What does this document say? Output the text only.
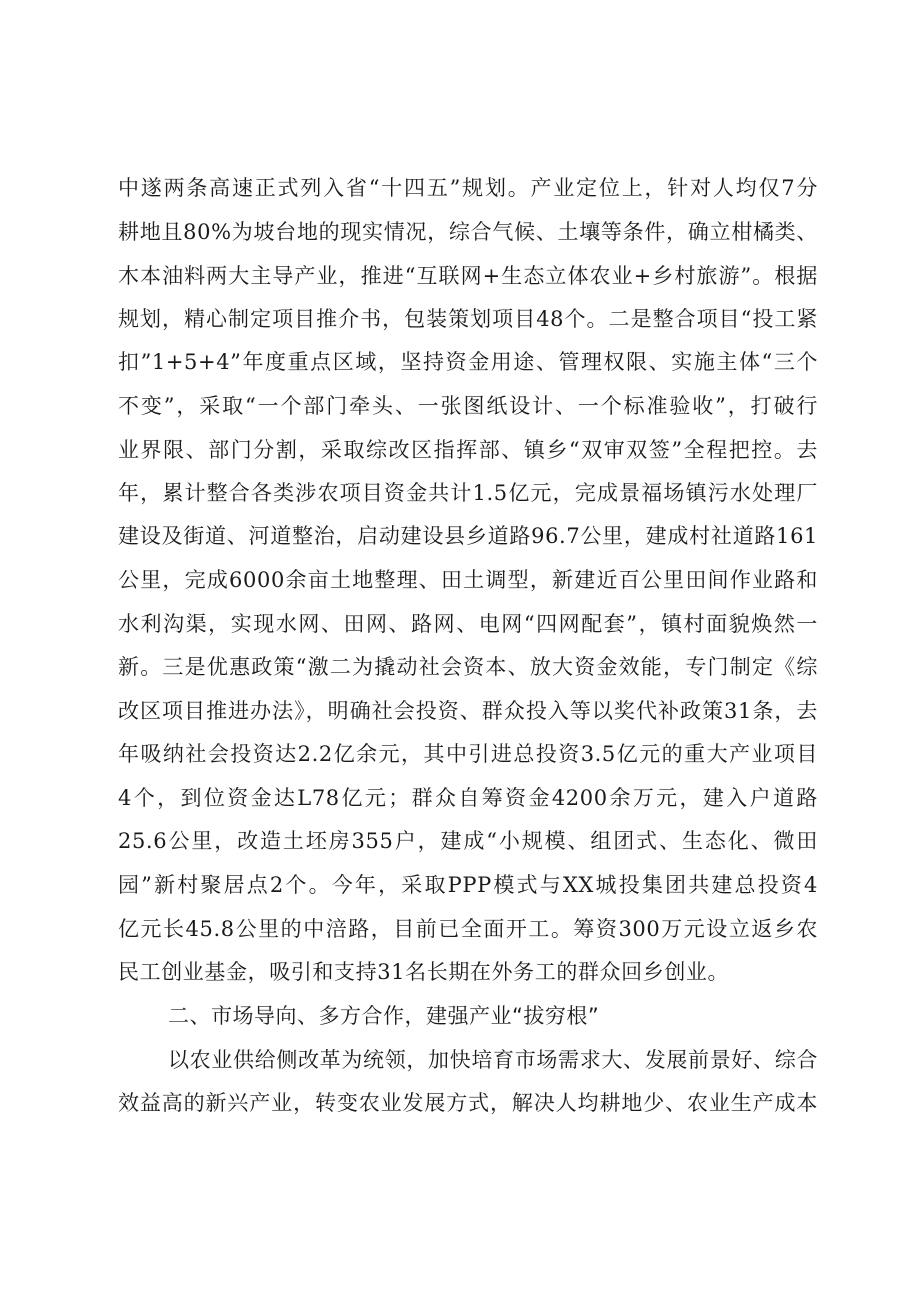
中遂两条高速正式列入省“十四五”规划。产业定位上，针对人均仅7分
耕地且80%为坡台地的现实情况，综合气候、土壤等条件，确立柑橘类、
木本油料两大主导产业，推进“互联网+生态立体农业+乡村旅游”。根据
规划，精心制定项目推介书，包装策划项目48个。二是整合项目“投工紧
扣”1+5+4”年度重点区域，坚持资金用途、管理权限、实施主体“三个
不变”，采取“一个部门牵头、一张图纸设计、一个标准验收”，打破行
业界限、部门分割，采取综改区指挥部、镇乡“双审双签”全程把控。去
年，累计整合各类涉农项目资金共计1.5亿元，完成景福场镇污水处理厂
建设及街道、河道整治，启动建设县乡道路96.7公里，建成村社道路161
公里，完成6000余亩土地整理、田土调型，新建近百公里田间作业路和
水利沟渠，实现水网、田网、路网、电网“四网配套”，镇村面貌焕然一
新。三是优惠政策“激二为撬动社会资本、放大资金效能，专门制定《综
改区项目推进办法》，明确社会投资、群众投入等以奖代补政策31条，去
年吸纳社会投资达2.2亿余元，其中引进总投资3.5亿元的重大产业项目
4个，到位资金达L78亿元；群众自筹资金4200余万元，建入户道路
25.6公里，改造土坯房355户，建成“小规模、组团式、生态化、微田
园”新村聚居点2个。今年，采取PPP模式与XX城投集团共建总投资4
亿元长45.8公里的中涪路，目前已全面开工。筹资300万元设立返乡农
民工创业基金，吸引和支持31名长期在外务工的群众回乡创业。
二、市场导向、多方合作，建强产业“拔穷根”
以农业供给侧改革为统领，加快培育市场需求大、发展前景好、综合
效益高的新兴产业，转变农业发展方式，解决人均耕地少、农业生产成本
